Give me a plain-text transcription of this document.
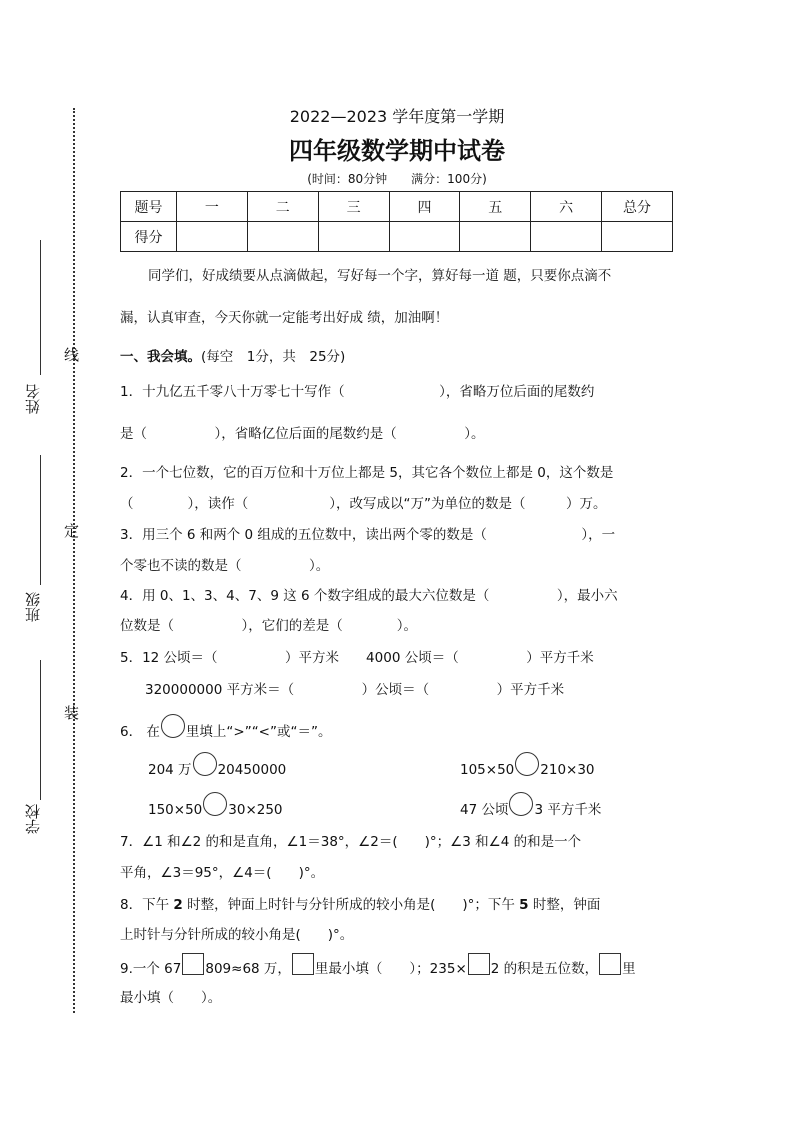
姓名
班级
学校
线
定
装
2022—2023 学年度第一学期
四年级数学期中试卷
(时间：80分钟　　满分：100分)
题号	一	二	三	四	五	六	总分
得分							
同学们，好成绩要从点滴做起，写好每一个字，算好每一道 题，只要你点滴不
漏，认真审查，今天你就一定能考出好成 绩，加油啊！
一、我会填。(每空　1分，共　25分)
1．十九亿五千零八十万零七十写作（　　　　　　　），省略万位后面的尾数约
是（　　　　　），省略亿位后面的尾数约是（　　　　　）。
2．一个七位数，它的百万位和十万位上都是 5，其它各个数位上都是 0，这个数是
（　　　　），读作（　　　　　　），改写成以“万”为单位的数是（　　　）万。
3．用三个 6 和两个 0 组成的五位数中，读出两个零的数是（　　　　　　　），一
个零也不读的数是（　　　　　）。
4．用 0、1、3、4、7、9 这 6 个数字组成的最大六位数是（　　　　　），最小六
位数是（　　　　　），它们的差是（　　　　）。
5．12 公顷＝（　　　　　）平方米　　4000 公顷＝（　　　　　）平方千米
320000000 平方米＝（　　　　　）公顷＝（　　　　　）平方千米
6． 在 里填上“>”“<”或“＝”。
204 万 20450000	105×50 210×30
150×50 30×250	47 公顷 3 平方千米
7．∠1 和∠2 的和是直角，∠1＝38°，∠2＝(　　)°；∠3 和∠4 的和是一个
平角，∠3＝95°，∠4＝(　　)°。
8．下午 2 时整，钟面上时针与分针所成的较小角是(　　)°；下午 5 时整，钟面
上时针与分针所成的较小角是(　　)°。
9.一个 67 809≈68 万， 里最小填（　　）；235× 2 的积是五位数， 里
最小填（　　）。
